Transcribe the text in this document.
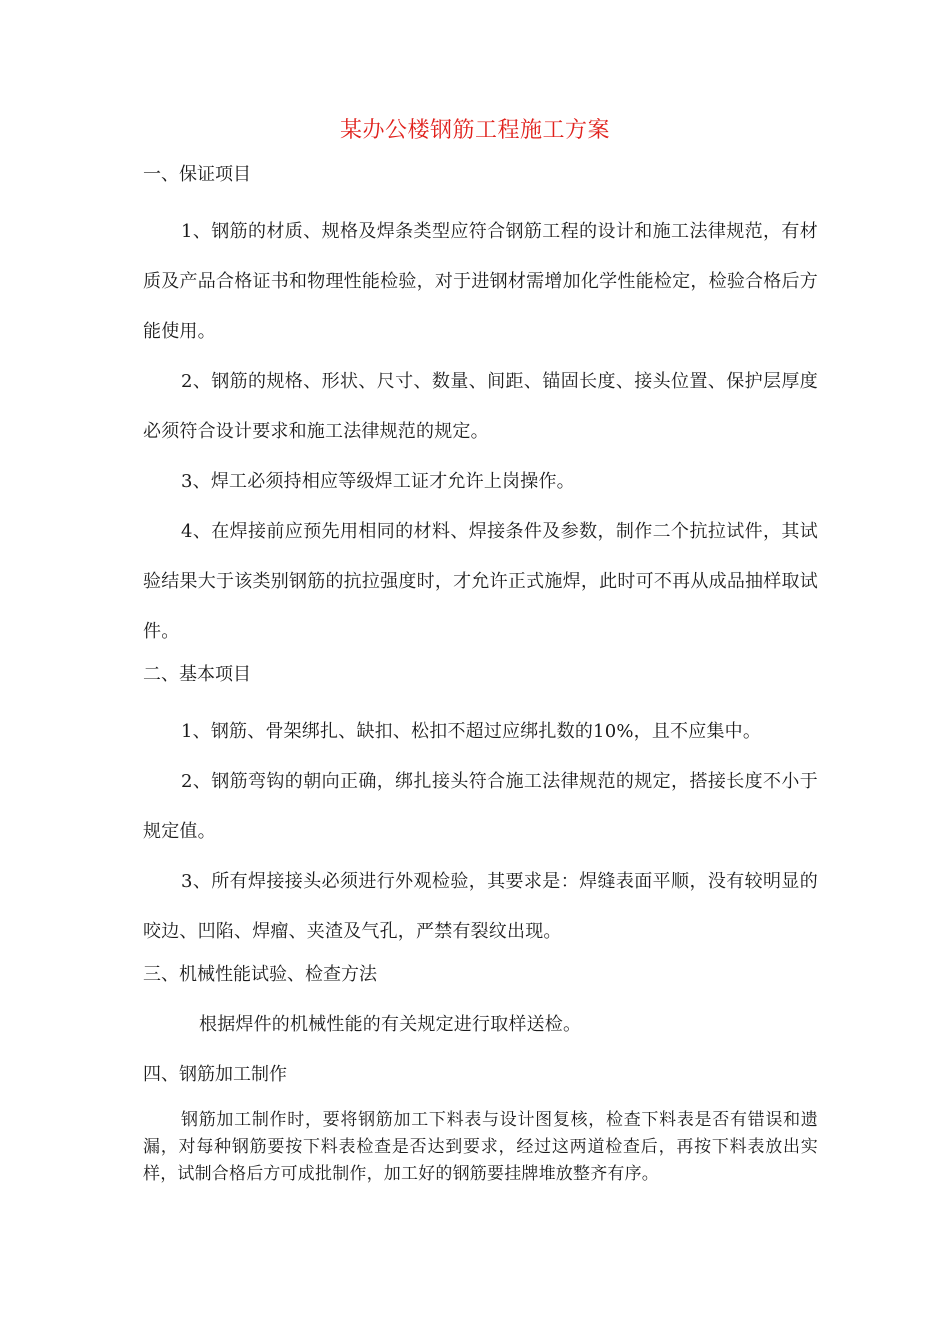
某办公楼钢筋工程施工方案

一、保证项目

1、钢筋的材质、规格及焊条类型应符合钢筋工程的设计和施工法律规范，有材质及产品合格证书和物理性能检验，对于进钢材需增加化学性能检定，检验合格后方能使用。

2、钢筋的规格、形状、尺寸、数量、间距、锚固长度、接头位置、保护层厚度必须符合设计要求和施工法律规范的规定。

3、焊工必须持相应等级焊工证才允许上岗操作。

4、在焊接前应预先用相同的材料、焊接条件及参数，制作二个抗拉试件，其试验结果大于该类别钢筋的抗拉强度时，才允许正式施焊，此时可不再从成品抽样取试件。

二、基本项目

1、钢筋、骨架绑扎、缺扣、松扣不超过应绑扎数的10%，且不应集中。

2、钢筋弯钩的朝向正确，绑扎接头符合施工法律规范的规定，搭接长度不小于规定值。

3、所有焊接接头必须进行外观检验，其要求是：焊缝表面平顺，没有较明显的咬边、凹陷、焊瘤、夹渣及气孔，严禁有裂纹出现。

三、机械性能试验、检查方法

根据焊件的机械性能的有关规定进行取样送检。

四、钢筋加工制作

钢筋加工制作时，要将钢筋加工下料表与设计图复核，检查下料表是否有错误和遗漏，对每种钢筋要按下料表检查是否达到要求，经过这两道检查后，再按下料表放出实样，试制合格后方可成批制作，加工好的钢筋要挂牌堆放整齐有序。
